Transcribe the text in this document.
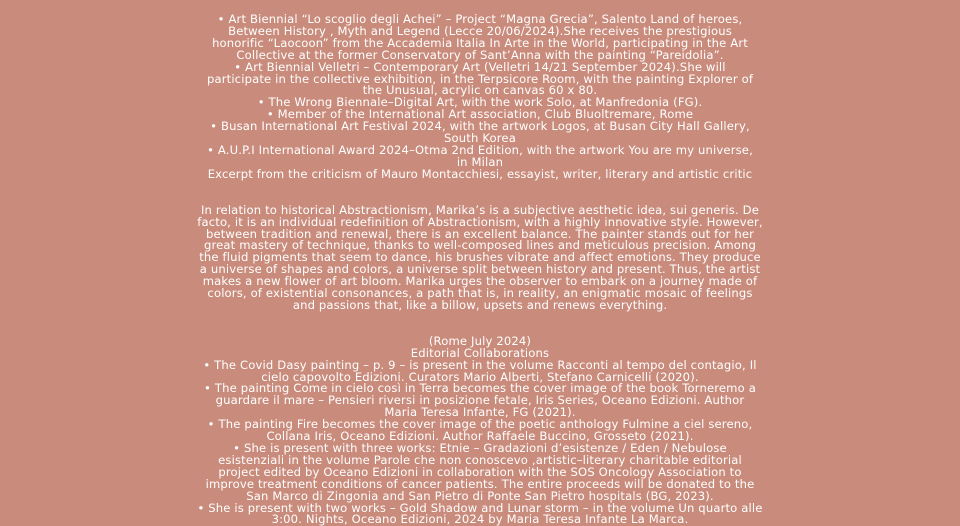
• Art Biennial “Lo scoglio degli Achei” – Project “Magna Grecia”, Salento Land of heroes,
Between History , Myth and Legend (Lecce 20/06/2024).She receives the prestigious
honorific “Laocoon” from the Accademia Italia In Arte in the World, participating in the Art
Collective at the former Conservatory of Sant’Anna with the painting “Pareidolia”.
• Art Biennial Velletri – Contemporary Art (Velletri 14/21 September 2024).She will
participate in the collective exhibition, in the Terpsicore Room, with the painting Explorer of
the Unusual, acrylic on canvas 60 x 80.
• The Wrong Biennale–Digital Art, with the work Solo, at Manfredonia (FG).
• Member of the International Art association, Club Bluoltremare, Rome
• Busan International Art Festival 2024, with the artwork Logos, at Busan City Hall Gallery,
South Korea
• A.U.P.I International Award 2024–Otma 2nd Edition, with the artwork You are my universe,
in Milan
Excerpt from the criticism of Mauro Montacchiesi, essayist, writer, literary and artistic critic
In relation to historical Abstractionism, Marika’s is a subjective aesthetic idea, sui generis. De
facto, it is an individual redefinition of Abstractionism, with a highly innovative style. However,
between tradition and renewal, there is an excellent balance. The painter stands out for her
great mastery of technique, thanks to well-composed lines and meticulous precision. Among
the fluid pigments that seem to dance, his brushes vibrate and affect emotions. They produce
a universe of shapes and colors, a universe split between history and present. Thus, the artist
makes a new flower of art bloom. Marika urges the observer to embark on a journey made of
colors, of existential consonances, a path that is, in reality, an enigmatic mosaic of feelings
and passions that, like a billow, upsets and renews everything.
(Rome July 2024)
Editorial Collaborations
• The Covid Dasy painting – p. 9 – is present in the volume Racconti al tempo del contagio, Il
cielo capovolto Edizioni. Curators Mario Alberti, Stefano Carnicelli (2020).
• The painting Come in cielo così in Terra becomes the cover image of the book Torneremo a
guardare il mare – Pensieri riversi in posizione fetale, Iris Series, Oceano Edizioni. Author
Maria Teresa Infante, FG (2021).
• The painting Fire becomes the cover image of the poetic anthology Fulmine a ciel sereno,
Collana Iris, Oceano Edizioni. Author Raffaele Buccino, Grosseto (2021).
• She is present with three works: Etnie – Gradazioni d’esistenze / Eden / Nebulose
esistenziali in the volume Parole che non conoscevo ,artistic–literary charitable editorial
project edited by Oceano Edizioni in collaboration with the SOS Oncology Association to
improve treatment conditions of cancer patients. The entire proceeds will be donated to the
San Marco di Zingonia and San Pietro di Ponte San Pietro hospitals (BG, 2023).
• She is present with two works – Gold Shadow and Lunar storm – in the volume Un quarto alle
3:00. Nights, Oceano Edizioni, 2024 by Maria Teresa Infante La Marca.
